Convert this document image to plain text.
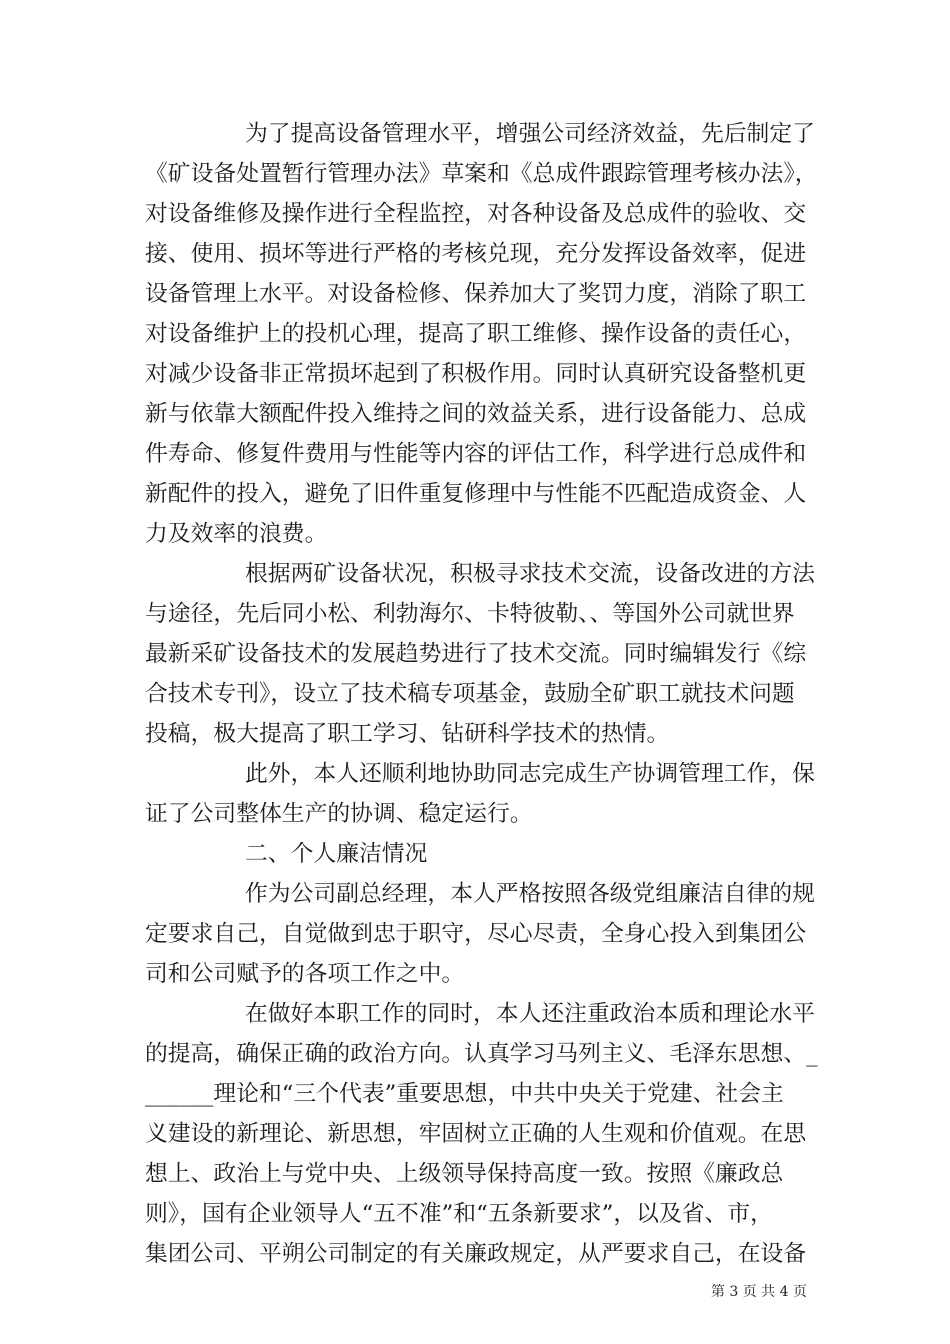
为了提高设备管理水平，增强公司经济效益，先后制定了
《矿设备处置暂行管理办法》草案和《总成件跟踪管理考核办法》，
对设备维修及操作进行全程监控，对各种设备及总成件的验收、交
接、使用、损坏等进行严格的考核兑现，充分发挥设备效率，促进
设备管理上水平。对设备检修、保养加大了奖罚力度，消除了职工
对设备维护上的投机心理，提高了职工维修、操作设备的责任心，
对减少设备非正常损坏起到了积极作用。同时认真研究设备整机更
新与依靠大额配件投入维持之间的效益关系，进行设备能力、总成
件寿命、修复件费用与性能等内容的评估工作，科学进行总成件和
新配件的投入，避免了旧件重复修理中与性能不匹配造成资金、人
力及效率的浪费。
根据两矿设备状况，积极寻求技术交流，设备改进的方法
与途径，先后同小松、利勃海尔、卡特彼勒、、等国外公司就世界
最新采矿设备技术的发展趋势进行了技术交流。同时编辑发行《综
合技术专刊》，设立了技术稿专项基金，鼓励全矿职工就技术问题
投稿，极大提高了职工学习、钻研科学技术的热情。
此外，本人还顺利地协助同志完成生产协调管理工作，保
证了公司整体生产的协调、稳定运行。
二、个人廉洁情况
作为公司副总经理，本人严格按照各级党组廉洁自律的规
定要求自己，自觉做到忠于职守，尽心尽责，全身心投入到集团公
司和公司赋予的各项工作之中。
在做好本职工作的同时，本人还注重政治本质和理论水平
的提高，确保正确的政治方向。认真学习马列主义、毛泽东思想、_
______理论和“三个代表”重要思想，中共中央关于党建、社会主
义建设的新理论、新思想，牢固树立正确的人生观和价值观。在思
想上、政治上与党中央、上级领导保持高度一致。按照《廉政总
则》，国有企业领导人“五不准”和“五条新要求”，以及省、市，
集团公司、平朔公司制定的有关廉政规定，从严要求自己，在设备
第 3 页 共 4 页
